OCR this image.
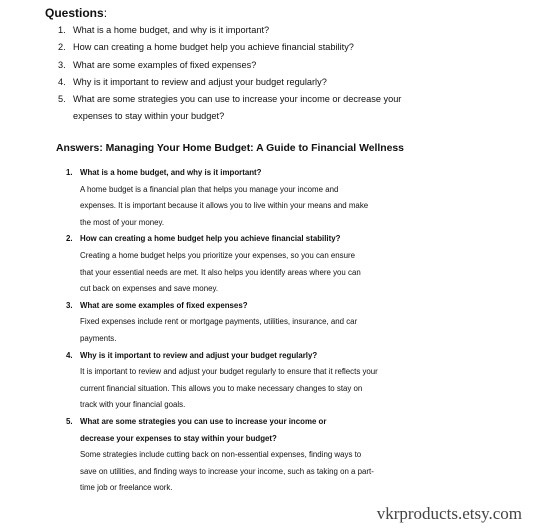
Questions:
1. What is a home budget, and why is it important?
2. How can creating a home budget help you achieve financial stability?
3. What are some examples of fixed expenses?
4. Why is it important to review and adjust your budget regularly?
5. What are some strategies you can use to increase your income or decrease your expenses to stay within your budget?
Answers: Managing Your Home Budget: A Guide to Financial Wellness
1. What is a home budget, and why is it important?
A home budget is a financial plan that helps you manage your income and expenses. It is important because it allows you to live within your means and make the most of your money.
2. How can creating a home budget help you achieve financial stability?
Creating a home budget helps you prioritize your expenses, so you can ensure that your essential needs are met. It also helps you identify areas where you can cut back on expenses and save money.
3. What are some examples of fixed expenses?
Fixed expenses include rent or mortgage payments, utilities, insurance, and car payments.
4. Why is it important to review and adjust your budget regularly?
It is important to review and adjust your budget regularly to ensure that it reflects your current financial situation. This allows you to make necessary changes to stay on track with your financial goals.
5. What are some strategies you can use to increase your income or decrease your expenses to stay within your budget?
Some strategies include cutting back on non-essential expenses, finding ways to save on utilities, and finding ways to increase your income, such as taking on a part-time job or freelance work.
vkrproducts.etsy.com
